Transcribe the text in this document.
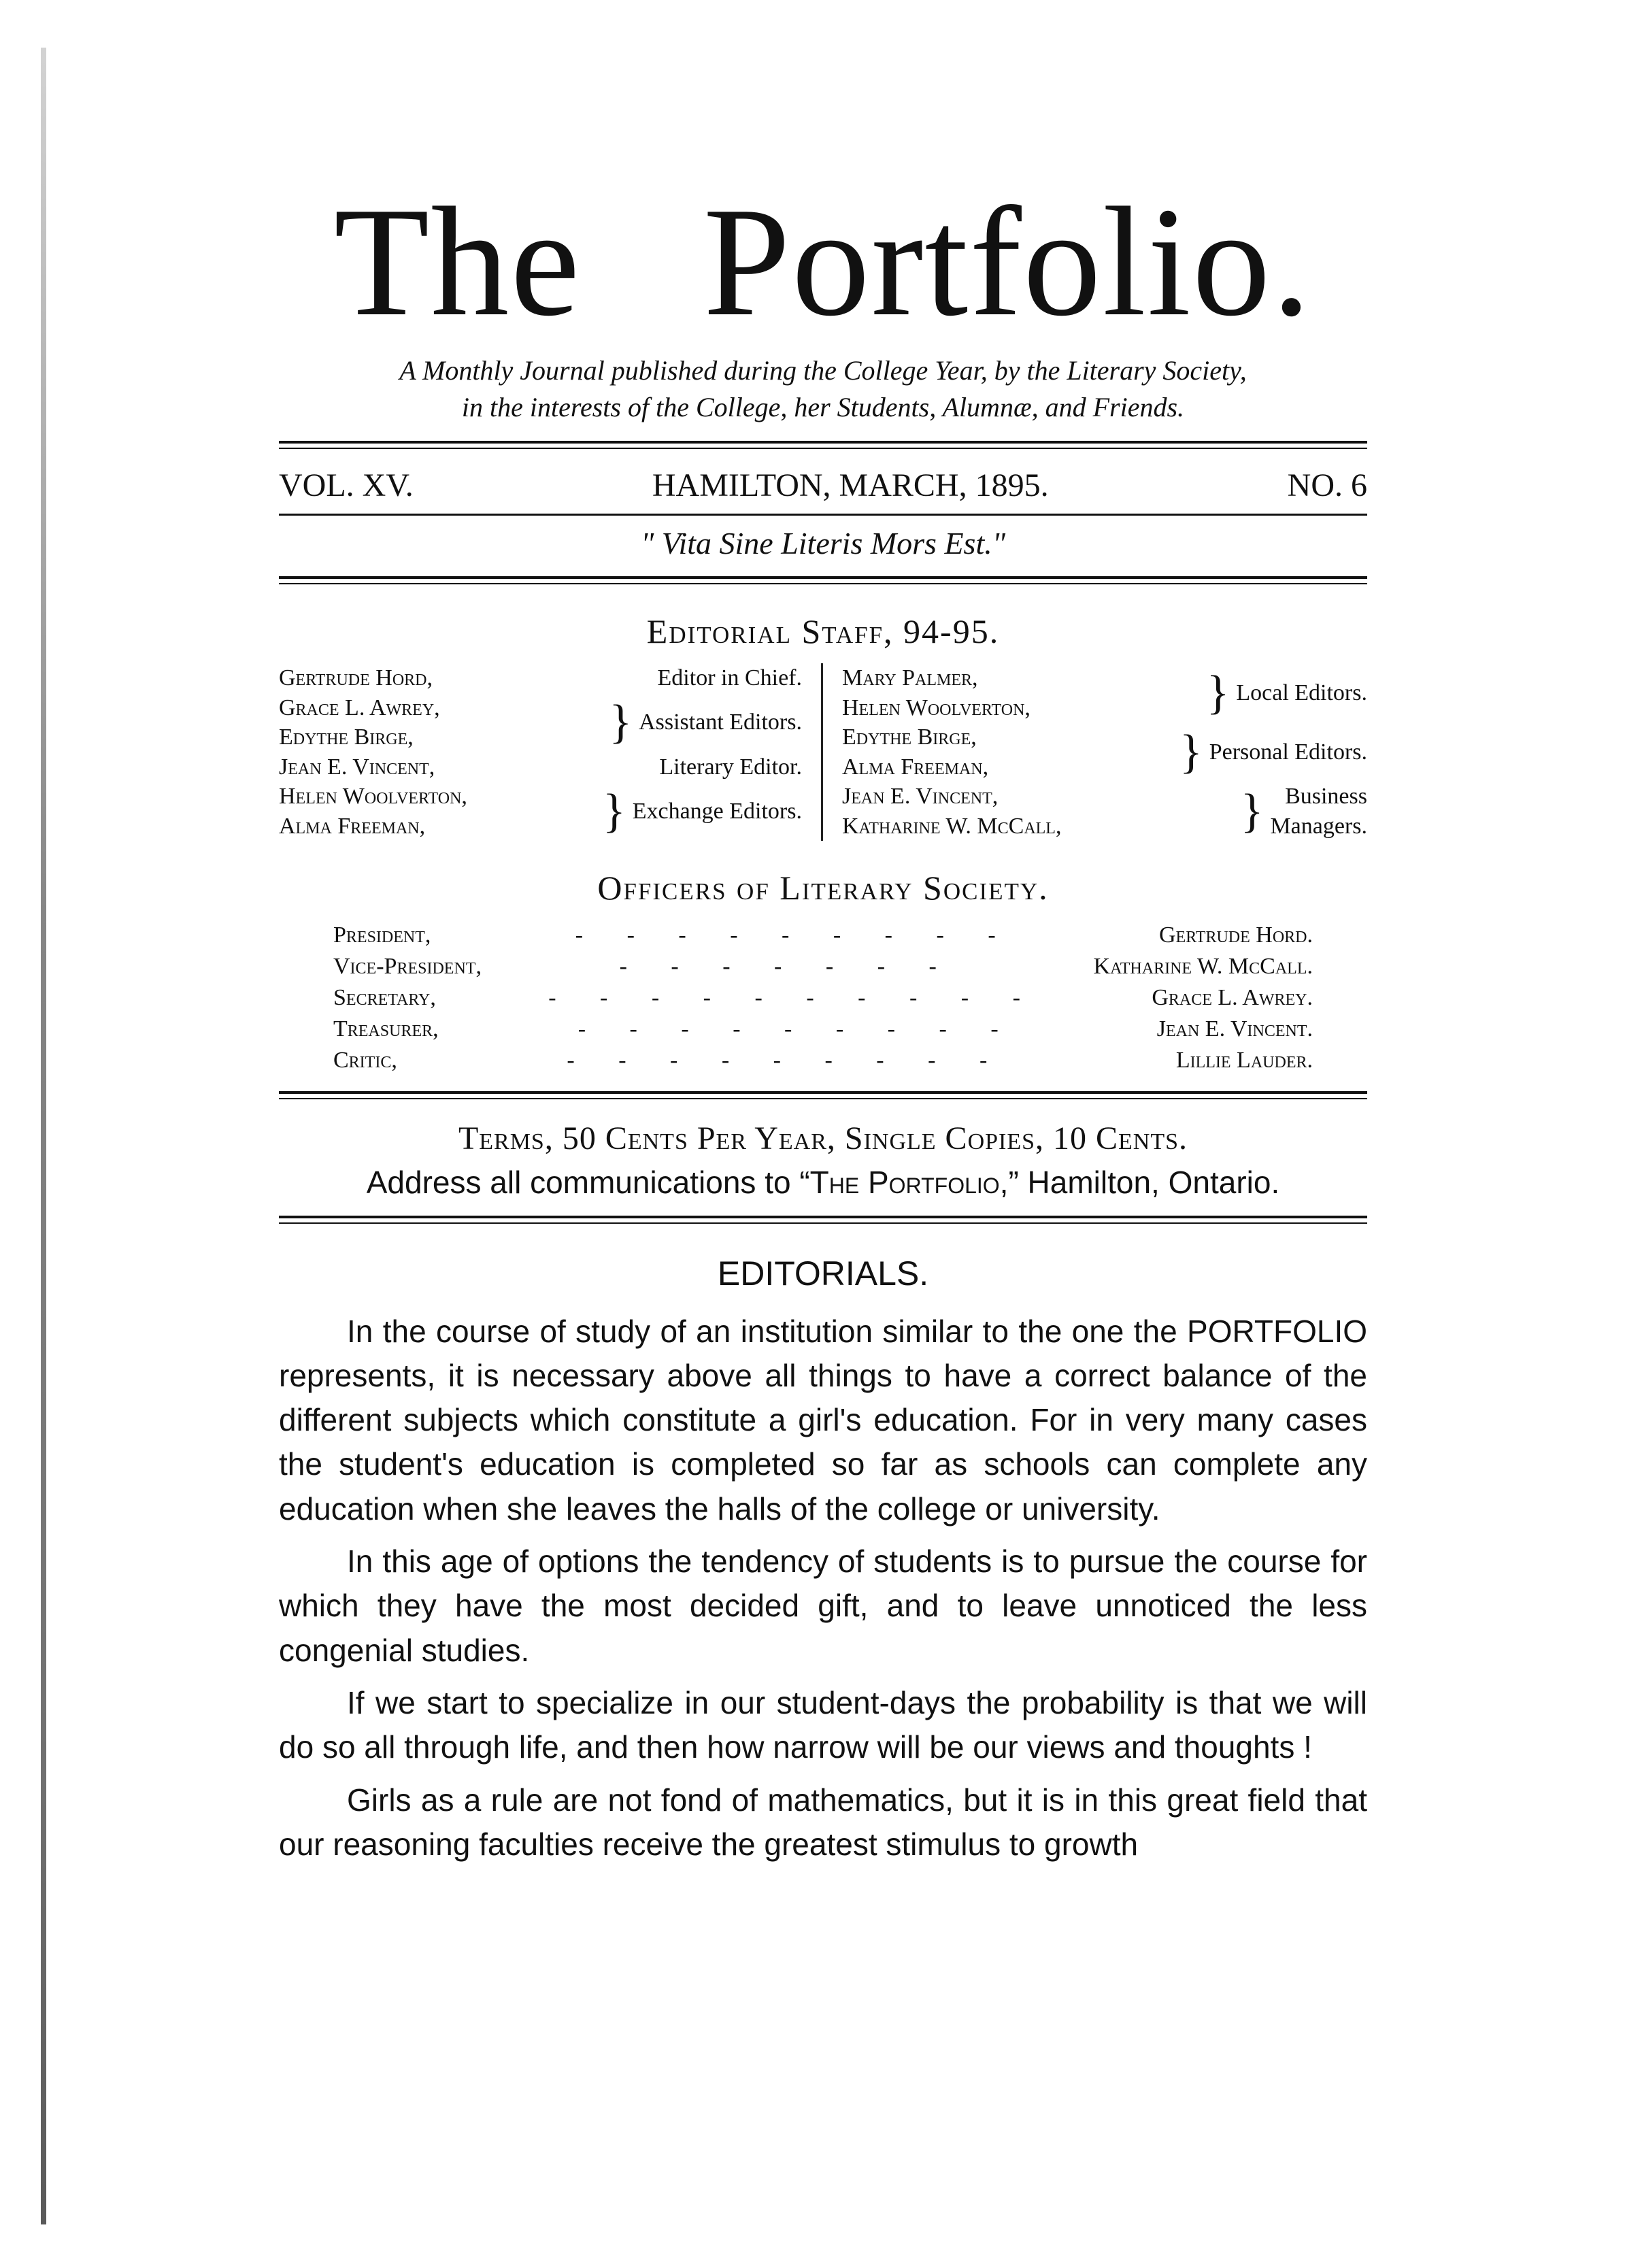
The Portfolio.
A Monthly Journal published during the College Year, by the Literary Society,
in the interests of the College, her Students, Alumnæ, and Friends.
VOL. XV.	HAMILTON, MARCH, 1895.	NO. 6
" Vita Sine Literis Mors Est."
Editorial Staff, 94-95.
Gertrude Hord,	Editor in Chief.
Grace L. Awrey,
Edythe Birge,	} Assistant Editors.
Jean E. Vincent,	Literary Editor.
Helen Woolverton,
Alma Freeman,	} Exchange Editors.
Mary Palmer,
Helen Woolverton,	} Local Editors.
Edythe Birge,
Alma Freeman,	} Personal Editors.
Jean E. Vincent,
Katharine W. McCall,	} Business
Managers.
Officers of Literary Society.
President,	- - - - - - - - -	Gertrude Hord.
Vice-President,	- - - - - - -	Katharine W. McCall.
Secretary,	- - - - - - - - - -	Grace L. Awrey.
Treasurer,	- - - - - - - - -	Jean E. Vincent.
Critic,	- - - - - - - - -	Lillie Lauder.
Terms, 50 Cents Per Year, Single Copies, 10 Cents.
Address all communications to “The Portfolio,” Hamilton, Ontario.
EDITORIALS.

In the course of study of an institution similar to the one the PORTFOLIO represents, it is necessary above all things to have a correct balance of the different subjects which constitute a girl's education. For in very many cases the student's education is completed so far as schools can complete any education when she leaves the halls of the college or university.

In this age of options the tendency of students is to pursue the course for which they have the most decided gift, and to leave unnoticed the less congenial studies.

If we start to specialize in our student-days the probability is that we will do so all through life, and then how narrow will be our views and thoughts !

Girls as a rule are not fond of mathematics, but it is in this great field that our reasoning faculties receive the greatest stimulus to growth
